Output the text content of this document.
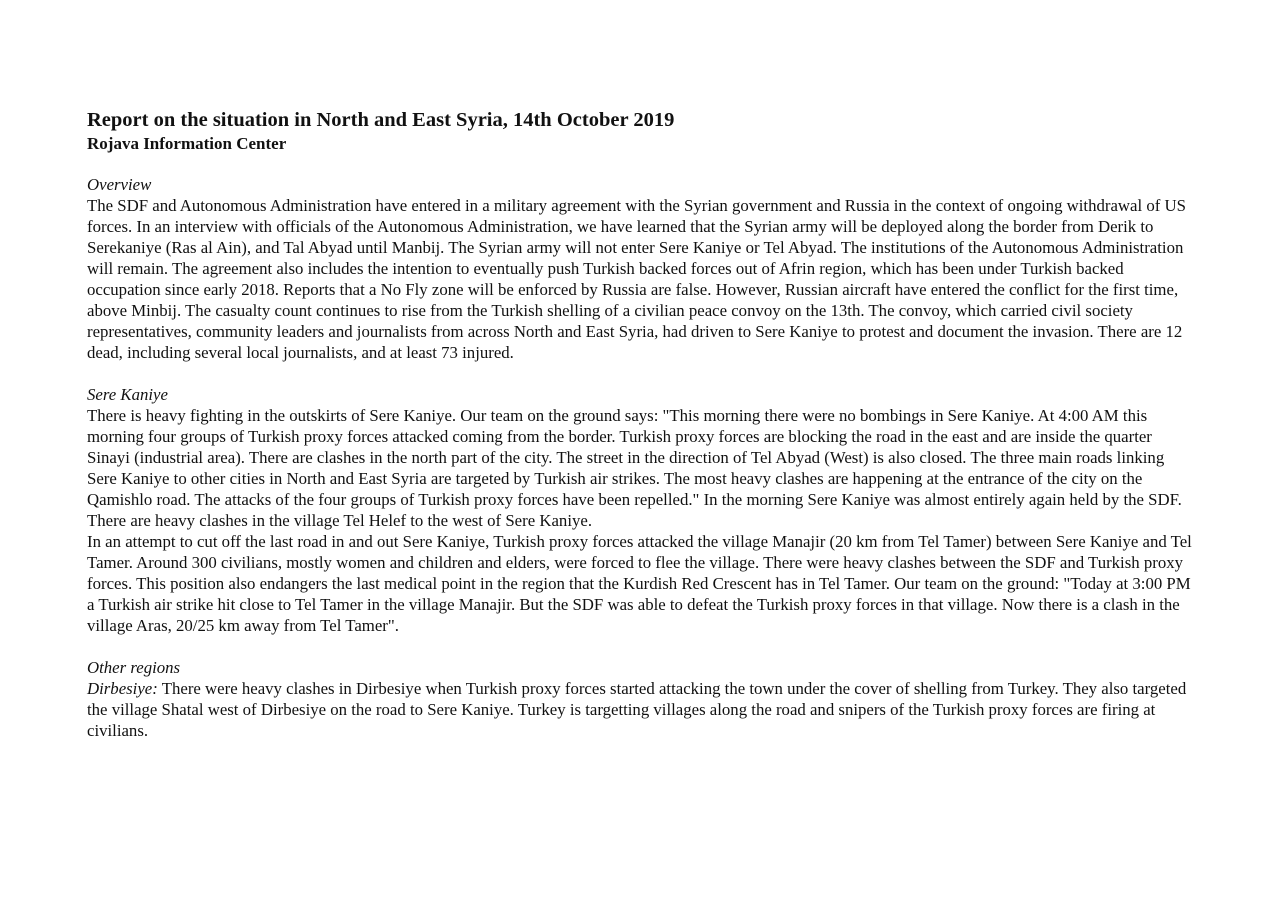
Report on the situation in North and East Syria, 14th October 2019
Rojava Information Center

Overview

The SDF and Autonomous Administration have entered in a military agreement with the Syrian government and Russia in the context of ongoing withdrawal of US forces. In an interview with officials of the Autonomous Administration, we have learned that the Syrian army will be deployed along the border from Derik to Serekaniye (Ras al Ain), and Tal Abyad until Manbij. The Syrian army will not enter Sere Kaniye or Tel Abyad. The institutions of the Autonomous Administration will remain. The agreement also includes the intention to eventually push Turkish backed forces out of Afrin region, which has been under Turkish backed occupation since early 2018. Reports that a No Fly zone will be enforced by Russia are false. However, Russian aircraft have entered the conflict for the first time, above Minbij. The casualty count continues to rise from the Turkish shelling of a civilian peace convoy on the 13th. The convoy, which carried civil society representatives, community leaders and journalists from across North and East Syria, had driven to Sere Kaniye to protest and document the invasion. There are 12 dead, including several local journalists, and at least 73 injured.

Sere Kaniye

There is heavy fighting in the outskirts of Sere Kaniye. Our team on the ground says: "This morning there were no bombings in Sere Kaniye. At 4:00 AM this morning four groups of Turkish proxy forces attacked coming from the border. Turkish proxy forces are blocking the road in the east and are inside the quarter Sinayi (industrial area). There are clashes in the north part of the city. The street in the direction of Tel Abyad (West) is also closed. The three main roads linking Sere Kaniye to other cities in North and East Syria are targeted by Turkish air strikes. The most heavy clashes are happening at the entrance of the city on the Qamishlo road. The attacks of the four groups of Turkish proxy forces have been repelled." In the morning Sere Kaniye was almost entirely again held by the SDF. There are heavy clashes in the village Tel Helef to the west of Sere Kaniye.

In an attempt to cut off the last road in and out Sere Kaniye, Turkish proxy forces attacked the village Manajir (20 km from Tel Tamer) between Sere Kaniye and Tel Tamer. Around 300 civilians, mostly women and children and elders, were forced to flee the village. There were heavy clashes between the SDF and Turkish proxy forces. This position also endangers the last medical point in the region that the Kurdish Red Crescent has in Tel Tamer. Our team on the ground: "Today at 3:00 PM a Turkish air strike hit close to Tel Tamer in the village Manajir. But the SDF was able to defeat the Turkish proxy forces in that village. Now there is a clash in the village Aras, 20/25 km away from Tel Tamer".

Other regions

Dirbesiye: There were heavy clashes in Dirbesiye when Turkish proxy forces started attacking the town under the cover of shelling from Turkey. They also targeted the village Shatal west of Dirbesiye on the road to Sere Kaniye. Turkey is targetting villages along the road and snipers of the Turkish proxy forces are firing at civilians.
